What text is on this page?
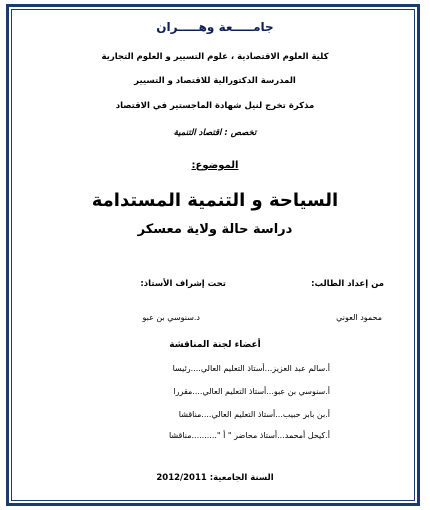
جامـــــعة وهـــــران
كلية العلوم الاقتصادية ، علوم التسيير و العلوم التجارية
المدرسة الدكتورالية للاقتصاد و التسيير
مذكرة تخرج لنيل شهادة الماجستير في الاقتصاد
تخصص : اقتصاد التنمية
الموضوع:
السياحة و التنمية المستدامة
دراسة حالة ولاية معسكر
من إعداد الطالب:
محمود العوني
تحت إشراف الأستاذ:
د.سنوسي بن عبو
أعضاء لجنة المناقشة
أ.سالم عبد العزيز...أستاذ التعليم العالي....رئيسا
أ.سنوسي بن عبو...أستاذ التعليم العالي....مقررا
أ.بن بابر حبيب...أستاذ التعليم العالي....مناقشا
أ.كيحل أمحمد...أستاذ محاضر " أ "..........مناقشا
السنة الجامعية: 2012/2011
